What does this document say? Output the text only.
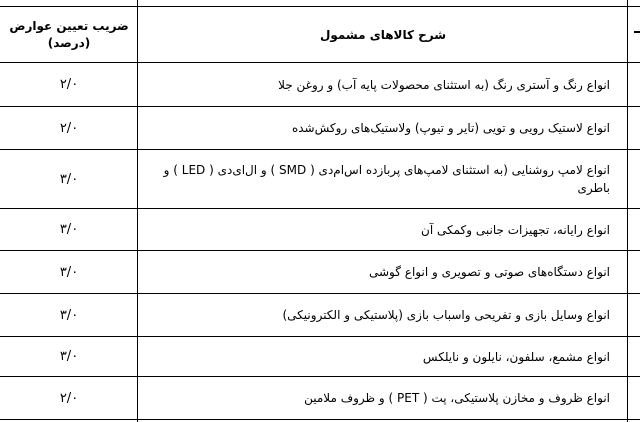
شرح کالاهای مشمول
ضریب تعیین عوارض
(درصد)
انواع رنگ و آستری رنگ (به استثنای محصولات پایه آب) و روغن جلا
۲/۰
انواع لاستیک رویی و تویی (تایر و تیوپ) ولاستیک‌های روکش‌شده
۲/۰
انواع لامپ روشنایی (به استثنای لامپ‌های پربازده اس‌ام‌دی ( SMD ) و ال‌ای‌دی ( LED ) و باطری
۳/۰
انواع رایانه، تجهیزات جانبی وکمکی آن
۳/۰
انواع دستگاه‌های صوتی و تصویری و انواع گوشی
۳/۰
انواع وسایل بازی و تفریحی واسباب بازی (پلاستیکی و الکترونیکی)
۳/۰
انواع مشمع، سلفون، نایلون و نایلکس
۳/۰
انواع ظروف و مخازن پلاستیکی، پت ( PET ) و ظروف ملامین
۲/۰
